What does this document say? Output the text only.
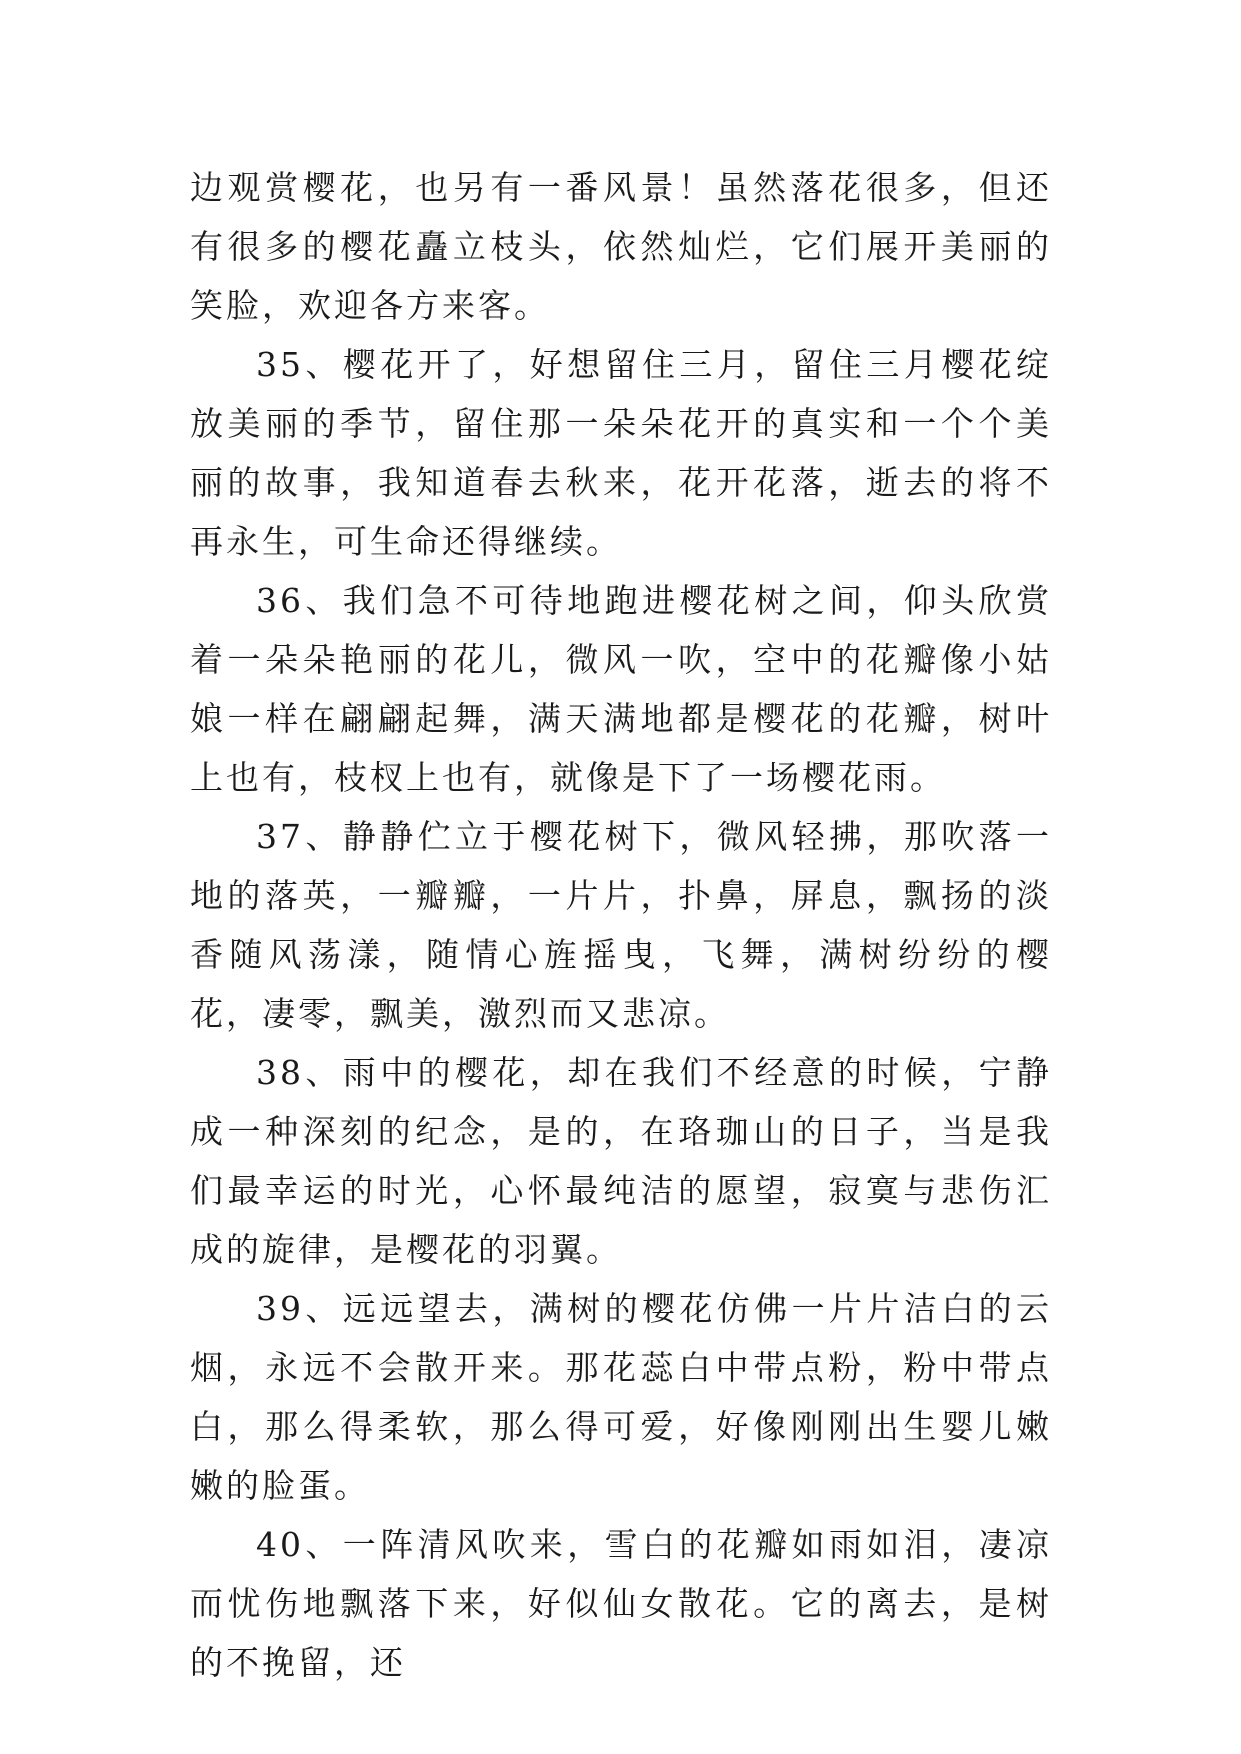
边观赏樱花，也另有一番风景！虽然落花很多，但还有很多的樱花矗立枝头，依然灿烂，它们展开美丽的笑脸，欢迎各方来客。

35、樱花开了，好想留住三月，留住三月樱花绽放美丽的季节，留住那一朵朵花开的真实和一个个美丽的故事，我知道春去秋来，花开花落，逝去的将不再永生，可生命还得继续。

36、我们急不可待地跑进樱花树之间，仰头欣赏着一朵朵艳丽的花儿，微风一吹，空中的花瓣像小姑娘一样在翩翩起舞，满天满地都是樱花的花瓣，树叶上也有，枝杈上也有，就像是下了一场樱花雨。

37、静静伫立于樱花树下，微风轻拂，那吹落一地的落英，一瓣瓣，一片片，扑鼻，屏息，飘扬的淡香随风荡漾，随情心旌摇曳，飞舞，满树纷纷的樱花，凄零，飘美，激烈而又悲凉。

38、雨中的樱花，却在我们不经意的时候，宁静成一种深刻的纪念，是的，在珞珈山的日子，当是我们最幸运的时光，心怀最纯洁的愿望，寂寞与悲伤汇成的旋律，是樱花的羽翼。

39、远远望去，满树的樱花仿佛一片片洁白的云烟，永远不会散开来。那花蕊白中带点粉，粉中带点白，那么得柔软，那么得可爱，好像刚刚出生婴儿嫩嫩的脸蛋。

40、一阵清风吹来，雪白的花瓣如雨如泪，凄凉而忧伤地飘落下来，好似仙女散花。它的离去，是树的不挽留，还
